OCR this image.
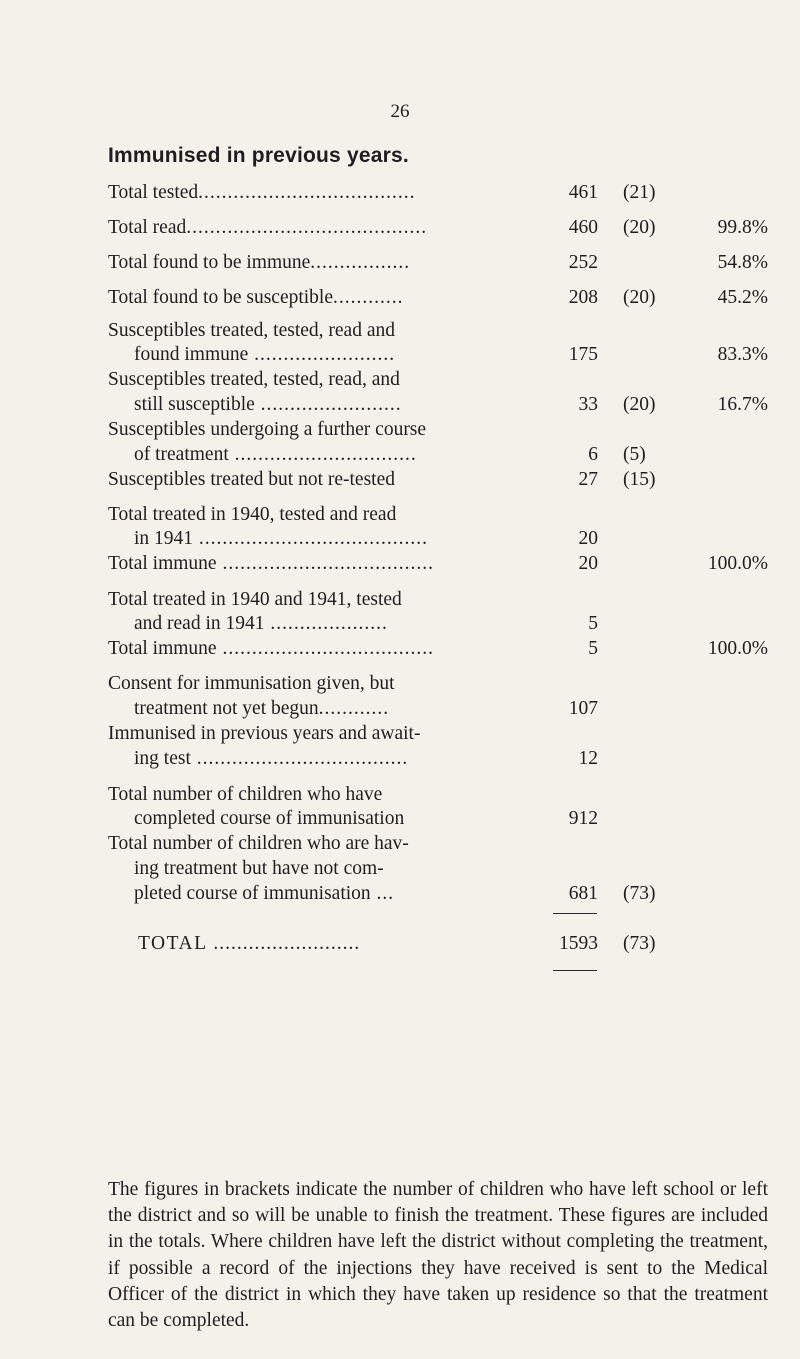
26
Immunised in previous years.
Total tested.....................................	461 (21)
Total read.........................................	460 (20)	99.8%
Total found to be immune.................	252	54.8%
Total found to be susceptible............	208 (20)	45.2%
Susceptibles treated, tested, read and
found immune ........................	175	83.3%
Susceptibles treated, tested, read, and
still susceptible ........................	33 (20)	16.7%
Susceptibles undergoing a further course
of treatment ...............................	6 (5)
Susceptibles treated but not re-tested	27 (15)
Total treated in 1940, tested and read
in 1941 .......................................	20
Total immune ....................................	20	100.0%
Total treated in 1940 and 1941, tested
and read in 1941 ....................	5
Total immune ....................................	5	100.0%
Consent for immunisation given, but
treatment not yet begun............	107
Immunised in previous years and await-
ing test ....................................	12
Total number of children who have
completed course of immunisation	912
Total number of children who are hav-
ing treatment but have not com-
pleted course of immunisation ...	681 (73)
TOTAL .........................	1593 (73)

The figures in brackets indicate the number of children who have left school or left the district and so will be unable to finish the treatment. These figures are included in the totals. Where children have left the district without completing the treatment, if possible a record of the injections they have received is sent to the Medical Officer of the district in which they have taken up residence so that the treatment can be completed.
